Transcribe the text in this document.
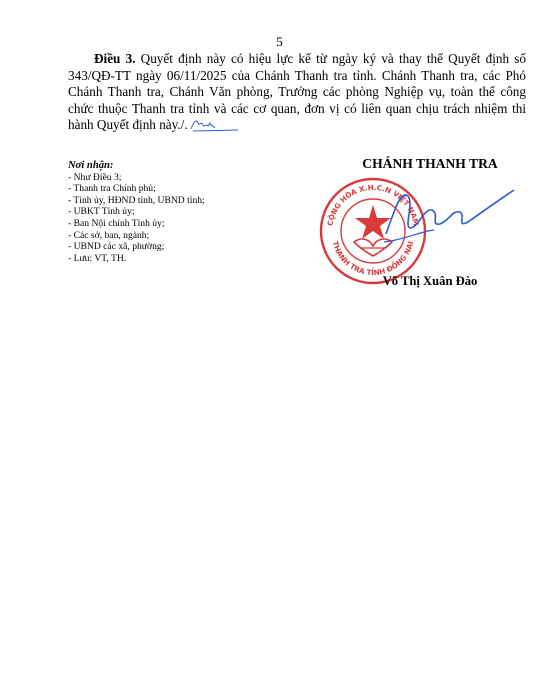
5

Điều 3. Quyết định này có hiệu lực kể từ ngày ký và thay thế Quyết định số 343/QĐ-TT ngày 06/11/2025 của Chánh Thanh tra tỉnh. Chánh Thanh tra, các Phó Chánh Thanh tra, Chánh Văn phòng, Trưởng các phòng Nghiệp vụ, toàn thể công chức thuộc Thanh tra tỉnh và các cơ quan, đơn vị có liên quan chịu trách nhiệm thi hành Quyết định này./.

Nơi nhận:
- Như Điều 3;
- Thanh tra Chính phủ;
- Tỉnh ủy, HĐND tỉnh, UBND tỉnh;
- UBKT Tỉnh ủy;
- Ban Nội chính Tỉnh ủy;
- Các sở, ban, ngành;
- UBND các xã, phường;
- Lưu: VT, TH.
CHÁNH THANH TRA
CỘNG HÒA X.H.C.N VIỆT NAM
THANH TRA TỈNH ĐỒNG NAI
Võ Thị Xuân Đào
